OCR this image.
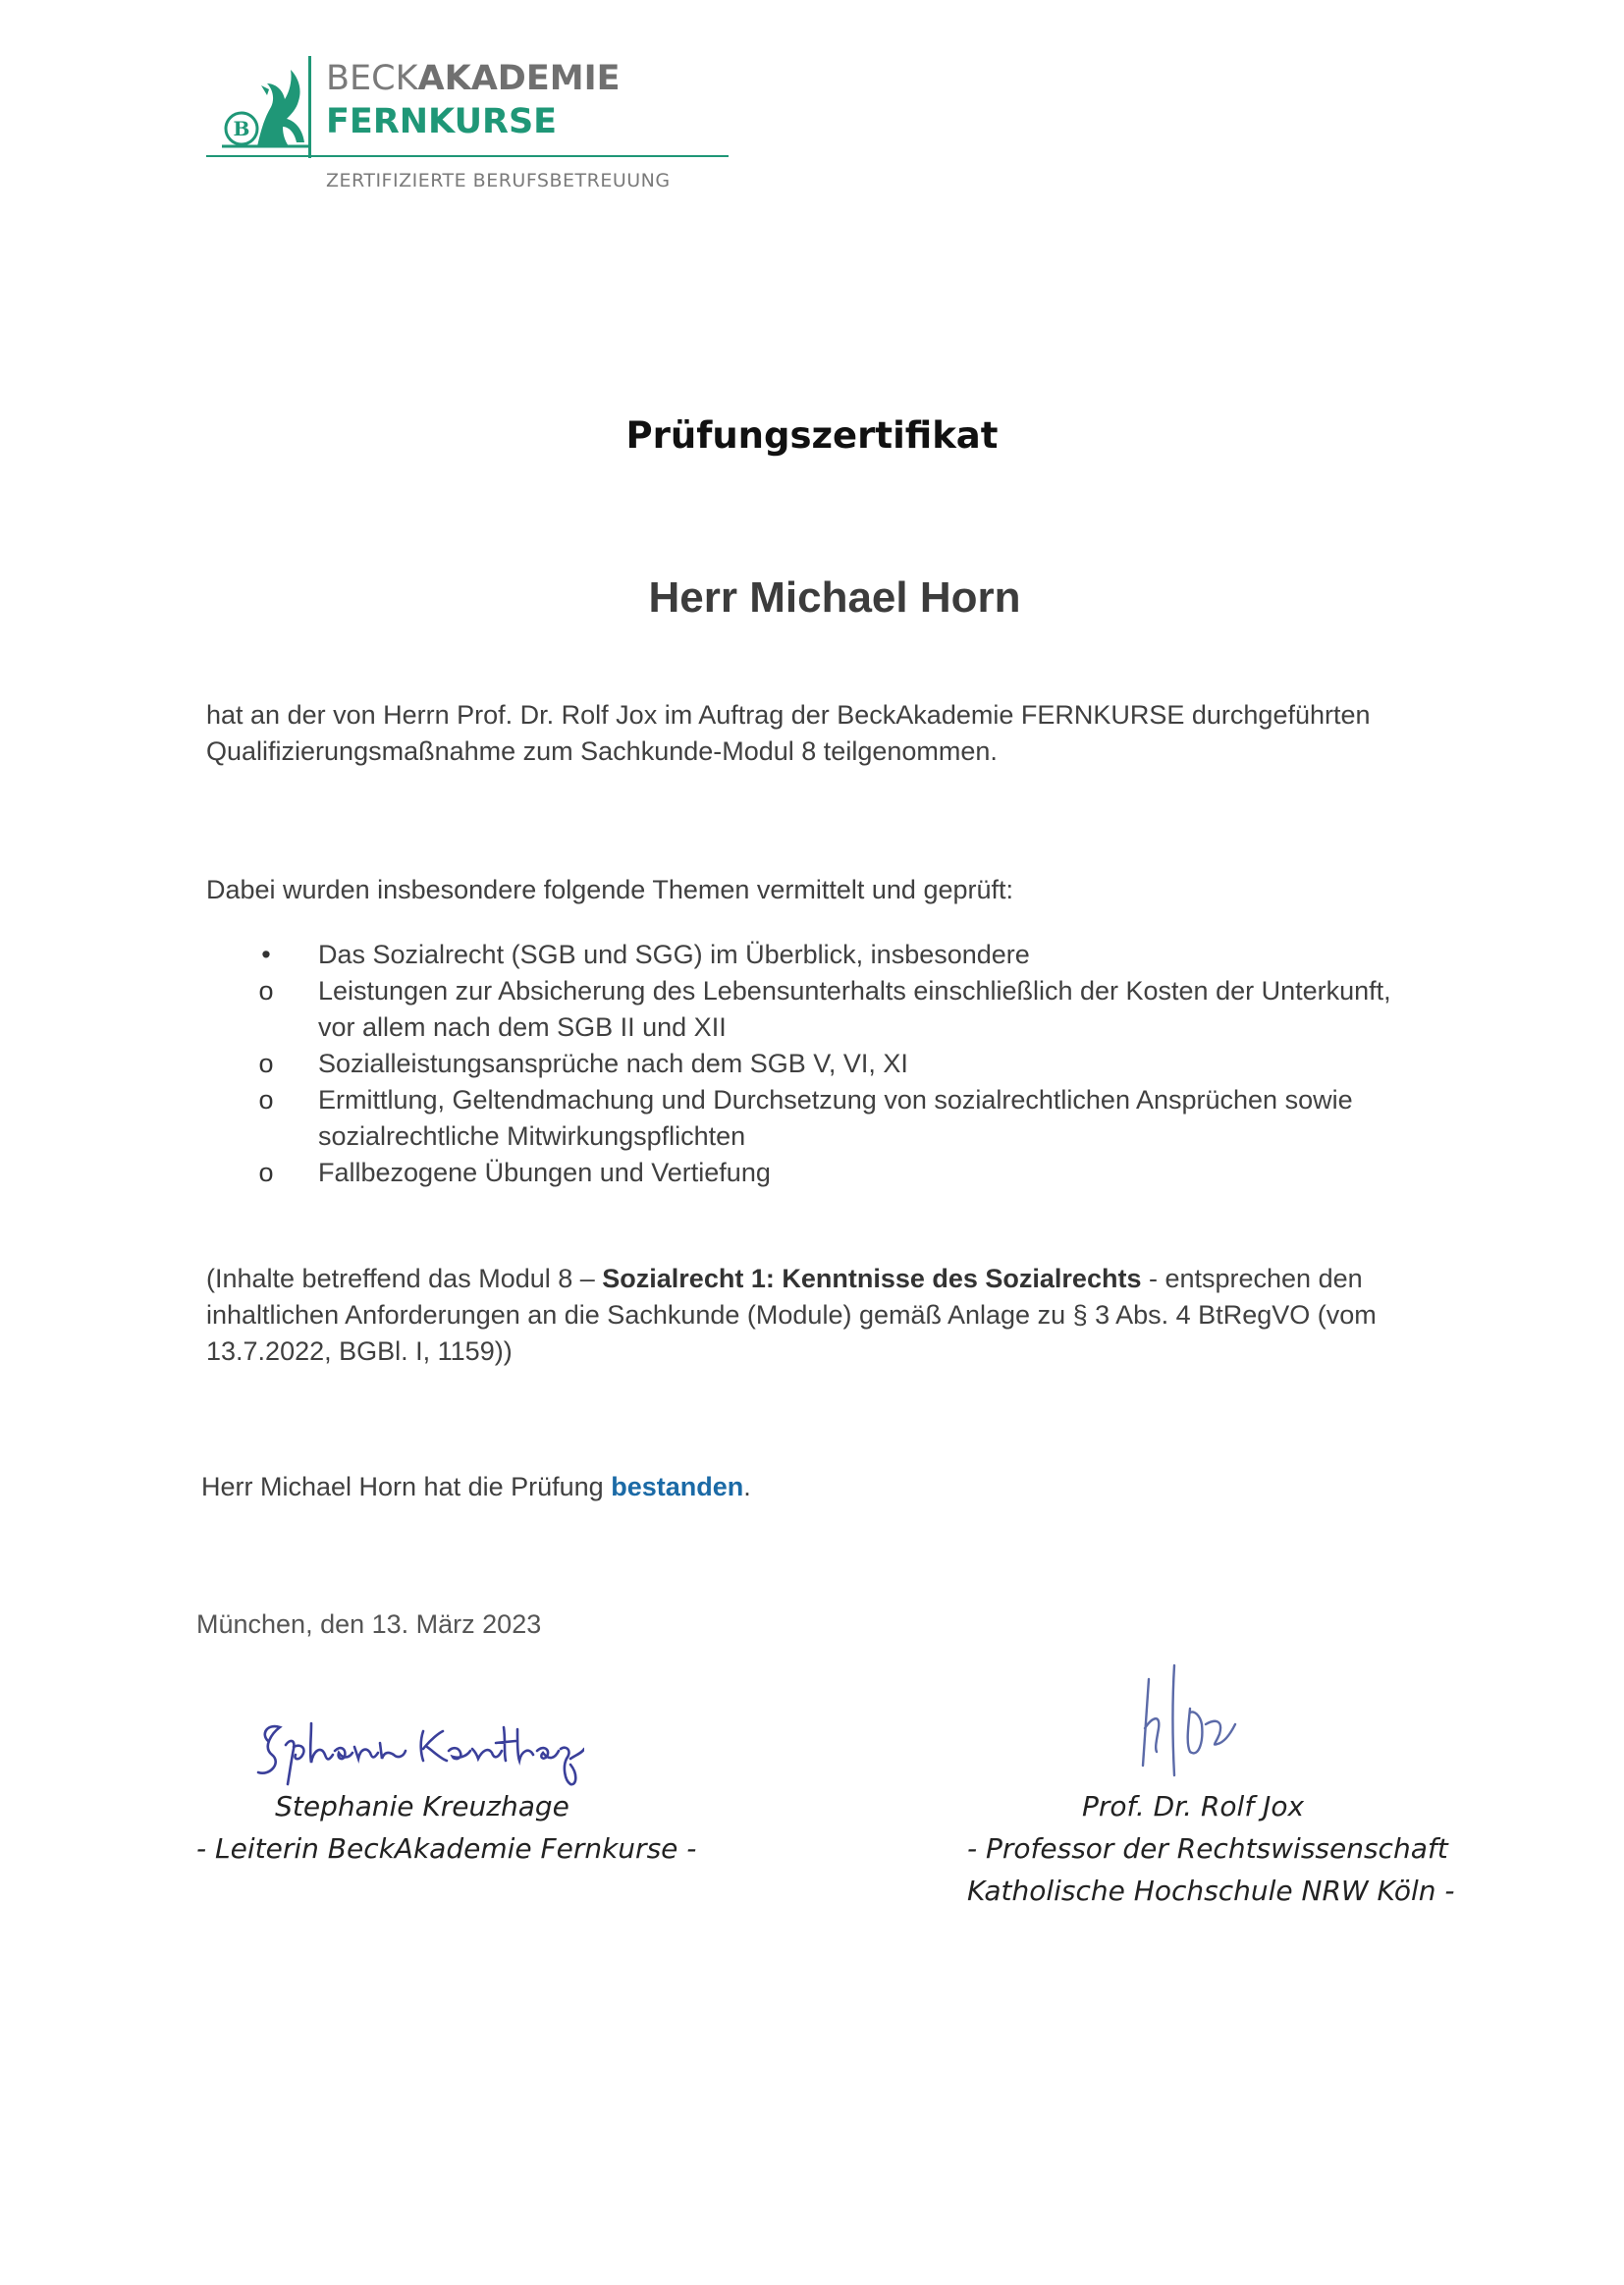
B
BECKAKADEMIE
FERNKURSE
ZERTIFIZIERTE BERUFSBETREUUNG
Prüfungszertifikat
Herr Michael Horn
hat an der von Herrn Prof. Dr. Rolf Jox im Auftrag der BeckAkademie FERNKURSE durchgeführten Qualifizierungsmaßnahme zum Sachkunde-Modul 8 teilgenommen.
Dabei wurden insbesondere folgende Themen vermittelt und geprüft:
•	Das Sozialrecht (SGB und SGG) im Überblick, insbesondere
o Leistungen zur Absicherung des Lebensunterhalts einschließlich der Kosten der Unterkunft, vor allem nach dem SGB II und XII
o Sozialleistungsansprüche nach dem SGB V, VI, XI
o Ermittlung, Geltendmachung und Durchsetzung von sozialrechtlichen Ansprüchen sowie sozialrechtliche Mitwirkungspflichten
o Fallbezogene Übungen und Vertiefung
(Inhalte betreffend das Modul 8 – Sozialrecht 1: Kenntnisse des Sozialrechts - entsprechen den inhaltlichen Anforderungen an die Sachkunde (Module) gemäß Anlage zu § 3 Abs. 4 BtRegVO (vom 13.7.2022, BGBl. I, 1159))
Herr Michael Horn hat die Prüfung bestanden.
München, den 13. März 2023
Stephanie Kreuzhage
- Leiterin BeckAkademie Fernkurse -
Prof. Dr. Rolf Jox
- Professor der Rechtswissenschaft
Katholische Hochschule NRW Köln -
